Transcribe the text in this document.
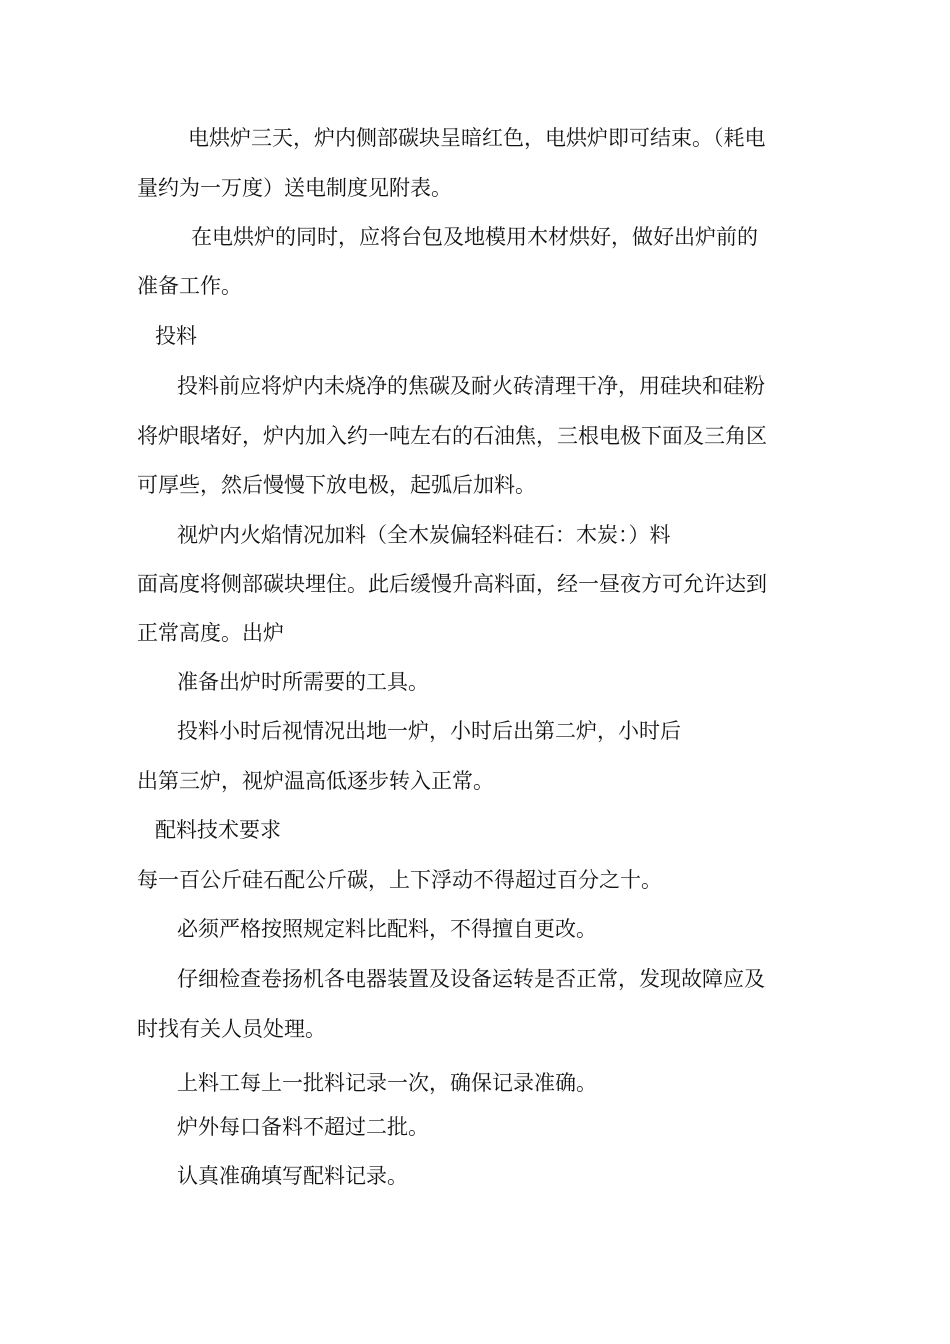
电烘炉三天，炉内侧部碳块呈暗红色，电烘炉即可结束。（耗电
量约为一万度）送电制度见附表。
在电烘炉的同时，应将台包及地模用木材烘好，做好出炉前的
准备工作。
投料
投料前应将炉内未烧净的焦碳及耐火砖清理干净，用硅块和硅粉
将炉眼堵好，炉内加入约一吨左右的石油焦，三根电极下面及三角区
可厚些，然后慢慢下放电极，起弧后加料。
视炉内火焰情况加料（全木炭偏轻料硅石：木炭：）料
面高度将侧部碳块埋住。此后缓慢升高料面，经一昼夜方可允许达到
正常高度。出炉
准备出炉时所需要的工具。
投料小时后视情况出地一炉，小时后出第二炉，小时后
出第三炉，视炉温高低逐步转入正常。
配料技术要求
每一百公斤硅石配公斤碳，上下浮动不得超过百分之十。
必须严格按照规定料比配料，不得擅自更改。
仔细检查卷扬机各电器装置及设备运转是否正常，发现故障应及
时找有关人员处理。
上料工每上一批料记录一次，确保记录准确。
炉外每口备料不超过二批。
认真准确填写配料记录。
